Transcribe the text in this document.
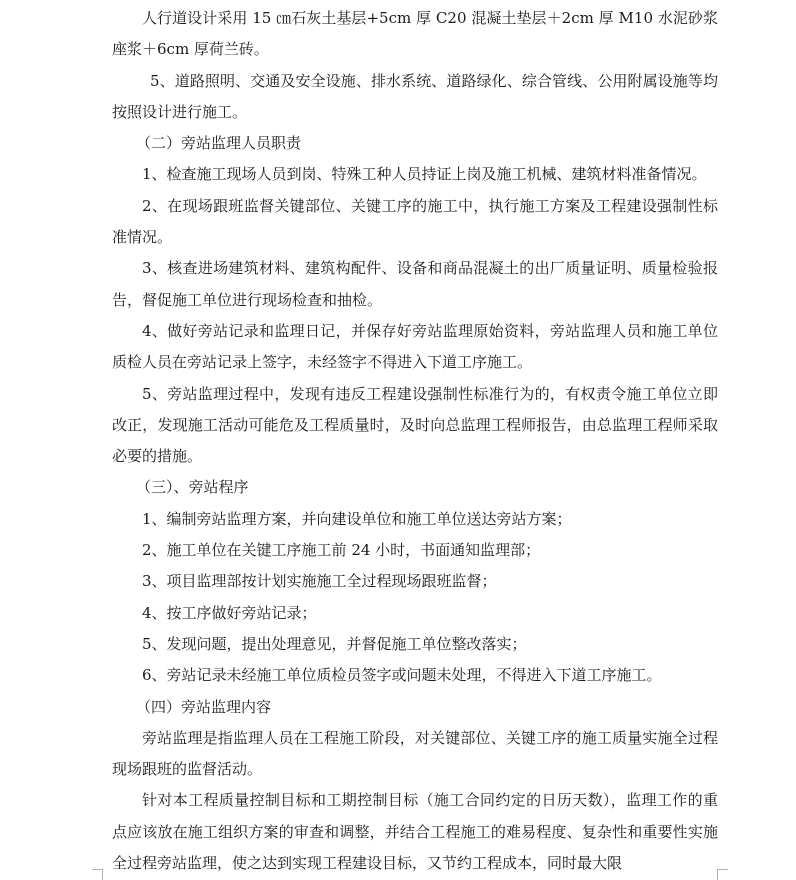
人行道设计采用 15 ㎝石灰土基层+5cm 厚 C20 混凝土垫层＋2cm 厚 M10 水泥砂浆座浆＋6cm 厚荷兰砖。

5、道路照明、交通及安全设施、排水系统、道路绿化、综合管线、公用附属设施等均按照设计进行施工。

（二）旁站监理人员职责

1、检查施工现场人员到岗、特殊工种人员持证上岗及施工机械、建筑材料准备情况。

2、在现场跟班监督关键部位、关键工序的施工中，执行施工方案及工程建设强制性标准情况。

3、核查进场建筑材料、建筑构配件、设备和商品混凝土的出厂质量证明、质量检验报告，督促施工单位进行现场检查和抽检。

4、做好旁站记录和监理日记，并保存好旁站监理原始资料，旁站监理人员和施工单位质检人员在旁站记录上签字，未经签字不得进入下道工序施工。

5、旁站监理过程中，发现有违反工程建设强制性标准行为的，有权责令施工单位立即改正，发现施工活动可能危及工程质量时，及时向总监理工程师报告，由总监理工程师采取必要的措施。

（三）、旁站程序

1、编制旁站监理方案，并向建设单位和施工单位送达旁站方案；

2、施工单位在关键工序施工前 24 小时，书面通知监理部；

3、项目监理部按计划实施施工全过程现场跟班监督；

4、按工序做好旁站记录；

5、发现问题，提出处理意见，并督促施工单位整改落实；

6、旁站记录未经施工单位质检员签字或问题未处理，不得进入下道工序施工。

（四）旁站监理内容

旁站监理是指监理人员在工程施工阶段，对关键部位、关键工序的施工质量实施全过程现场跟班的监督活动。

针对本工程质量控制目标和工期控制目标（施工合同约定的日历天数），监理工作的重点应该放在施工组织方案的审查和调整，并结合工程施工的难易程度、复杂性和重要性实施全过程旁站监理，使之达到实现工程建设目标，又节约工程成本，同时最大限
